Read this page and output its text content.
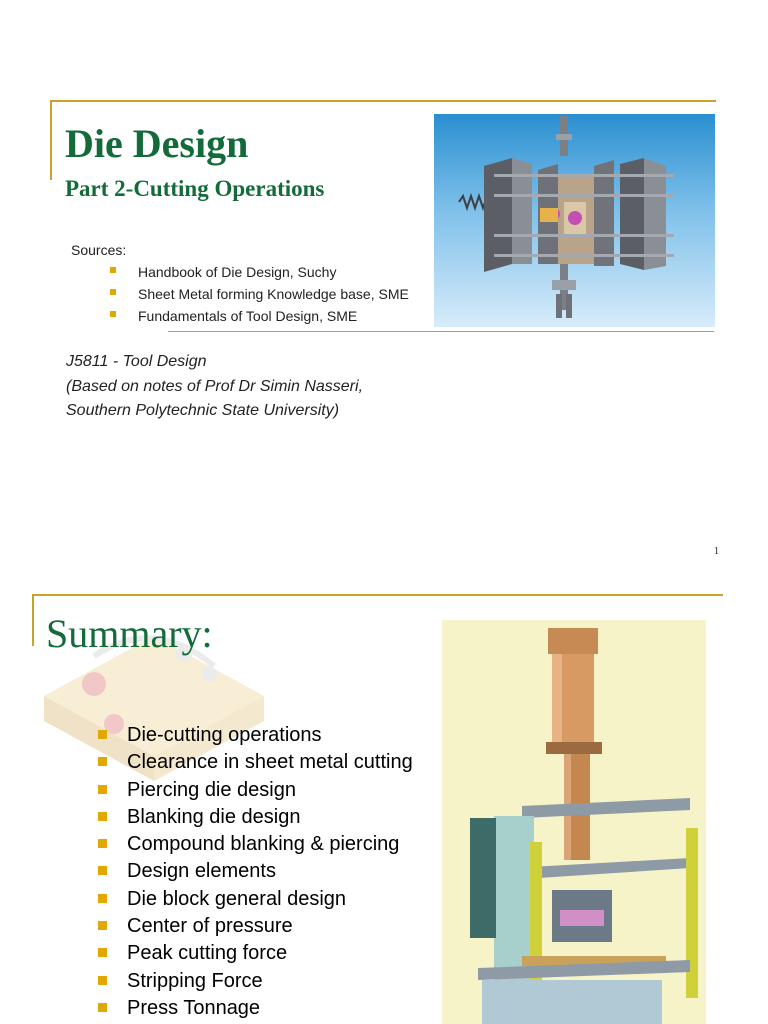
Die Design
Part 2-Cutting Operations
Sources:
Handbook of Die Design, Suchy
Sheet Metal forming Knowledge base, SME
Fundamentals of Tool Design, SME
J5811 - Tool Design
(Based on notes of Prof Dr Simin Nasseri,
Southern Polytechnic State University)
1
Summary:
Die-cutting operations
Clearance in sheet metal cutting
Piercing die design
Blanking die design
Compound blanking & piercing
Design elements
Die block general design
Center of pressure
Peak cutting force
Stripping Force
Press Tonnage
